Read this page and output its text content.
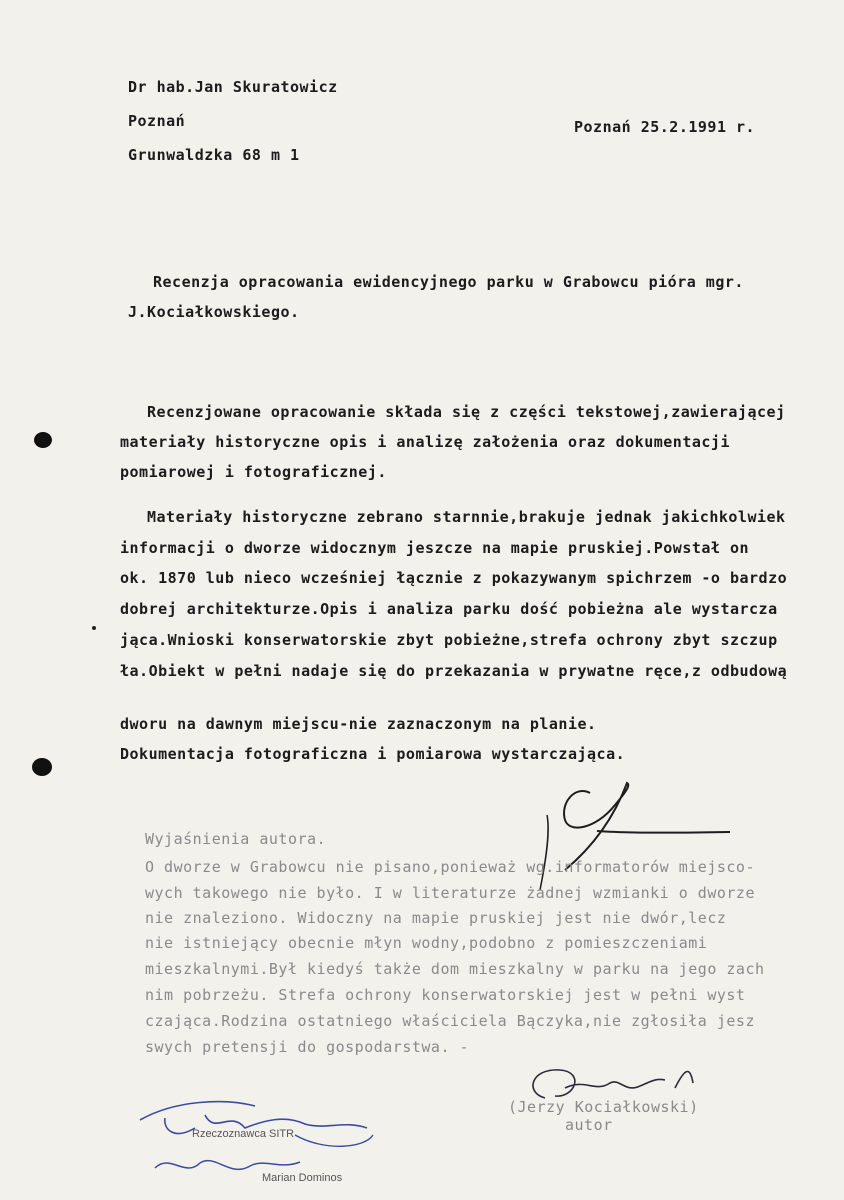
Dr hab.Jan Skuratowicz
Poznań
Grunwaldzka 68 m 1
Poznań 25.2.1991 r.
Recenzja opracowania ewidencyjnego parku w Grabowcu pióra mgr.
J.Kociałkowskiego.
Recenzjowane opracowanie składa się z części tekstowej,zawierającej
materiały historyczne opis i analizę założenia oraz dokumentacji
pomiarowej i fotograficznej.
Materiały historyczne zebrano starnnie,brakuje jednak jakichkolwiek
informacji o dworze widocznym jeszcze na mapie pruskiej.Powstał on
ok. 1870 lub nieco wcześniej łącznie z pokazywanym spichrzem -o bardzo
dobrej architekturze.Opis i analiza parku dość pobieżna ale wystarcza
jąca.Wnioski konserwatorskie zbyt pobieżne,strefa ochrony zbyt szczup
ła.Obiekt w pełni nadaje się do przekazania w prywatne ręce,z odbudową
dworu na dawnym miejscu-nie zaznaczonym na planie.
Dokumentacja fotograficzna i pomiarowa wystarczająca.
Wyjaśnienia autora.
O dworze w Grabowcu nie pisano,ponieważ wg.informatorów miejsco-
wych takowego nie było. I w literaturze żadnej wzmianki o dworze
nie znaleziono. Widoczny na mapie pruskiej jest nie dwór,lecz
nie istniejący obecnie młyn wodny,podobno z pomieszczeniami
mieszkalnymi.Był kiedyś także dom mieszkalny w parku na jego zach
nim pobrzeżu. Strefa ochrony konserwatorskiej jest w pełni wyst
czająca.Rodzina ostatniego właściciela Bączyka,nie zgłosiła jesz
swych pretensji do gospodarstwa. -
(Jerzy Kociałkowski)
autor
Rzeczoznawca SITR
Marian Dominos
